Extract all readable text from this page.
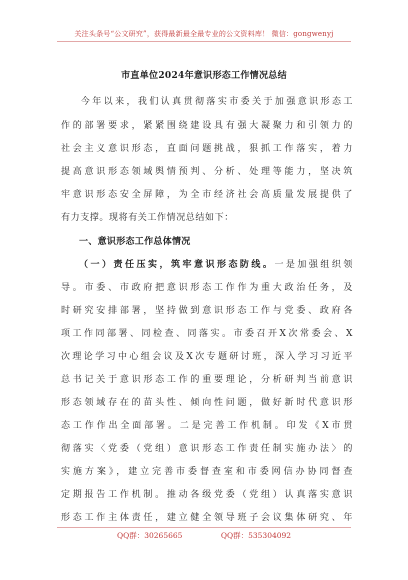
关注头条号“公文研究”，获得最新最全最专业的公文资料库！ 微信：gongwenyj
市直单位2024年意识形态工作情况总结
今年以来，我们认真贯彻落实市委关于加强意识形态工
作的部署要求，紧紧围绕建设具有强大凝聚力和引领力的
社会主义意识形态，直面问题挑战，狠抓工作落实，着力
提高意识形态领域舆情预判、分析、处理等能力，坚决筑
牢意识形态安全屏障，为全市经济社会高质量发展提供了
有力支撑。现将有关工作情况总结如下：
一、意识形态工作总体情况
（一）责任压实，筑牢意识形态防线。一是加强组织领
导。市委、市政府把意识形态工作作为重大政治任务，及
时研究安排部署，坚持做到意识形态工作与党委、政府各
项工作同部署、同检查、同落实。市委召开X次常委会、X
次理论学习中心组会议及X次专题研讨班，深入学习习近平
总书记关于意识形态工作的重要理论，分析研判当前意识
形态领域存在的苗头性、倾向性问题，做好新时代意识形
态工作作出全面部署。二是完善工作机制。印发《X市贯
彻落实〈党委（党组）意识形态工作责任制实施办法〉的
实施方案》，建立完善市委督查室和市委网信办协同督查
定期报告工作机制。推动各级党委（党组）认真落实意识
形态工作主体责任，建立健全领导班子会议集体研究、年
QQ群：30265665	QQ群：535304092
